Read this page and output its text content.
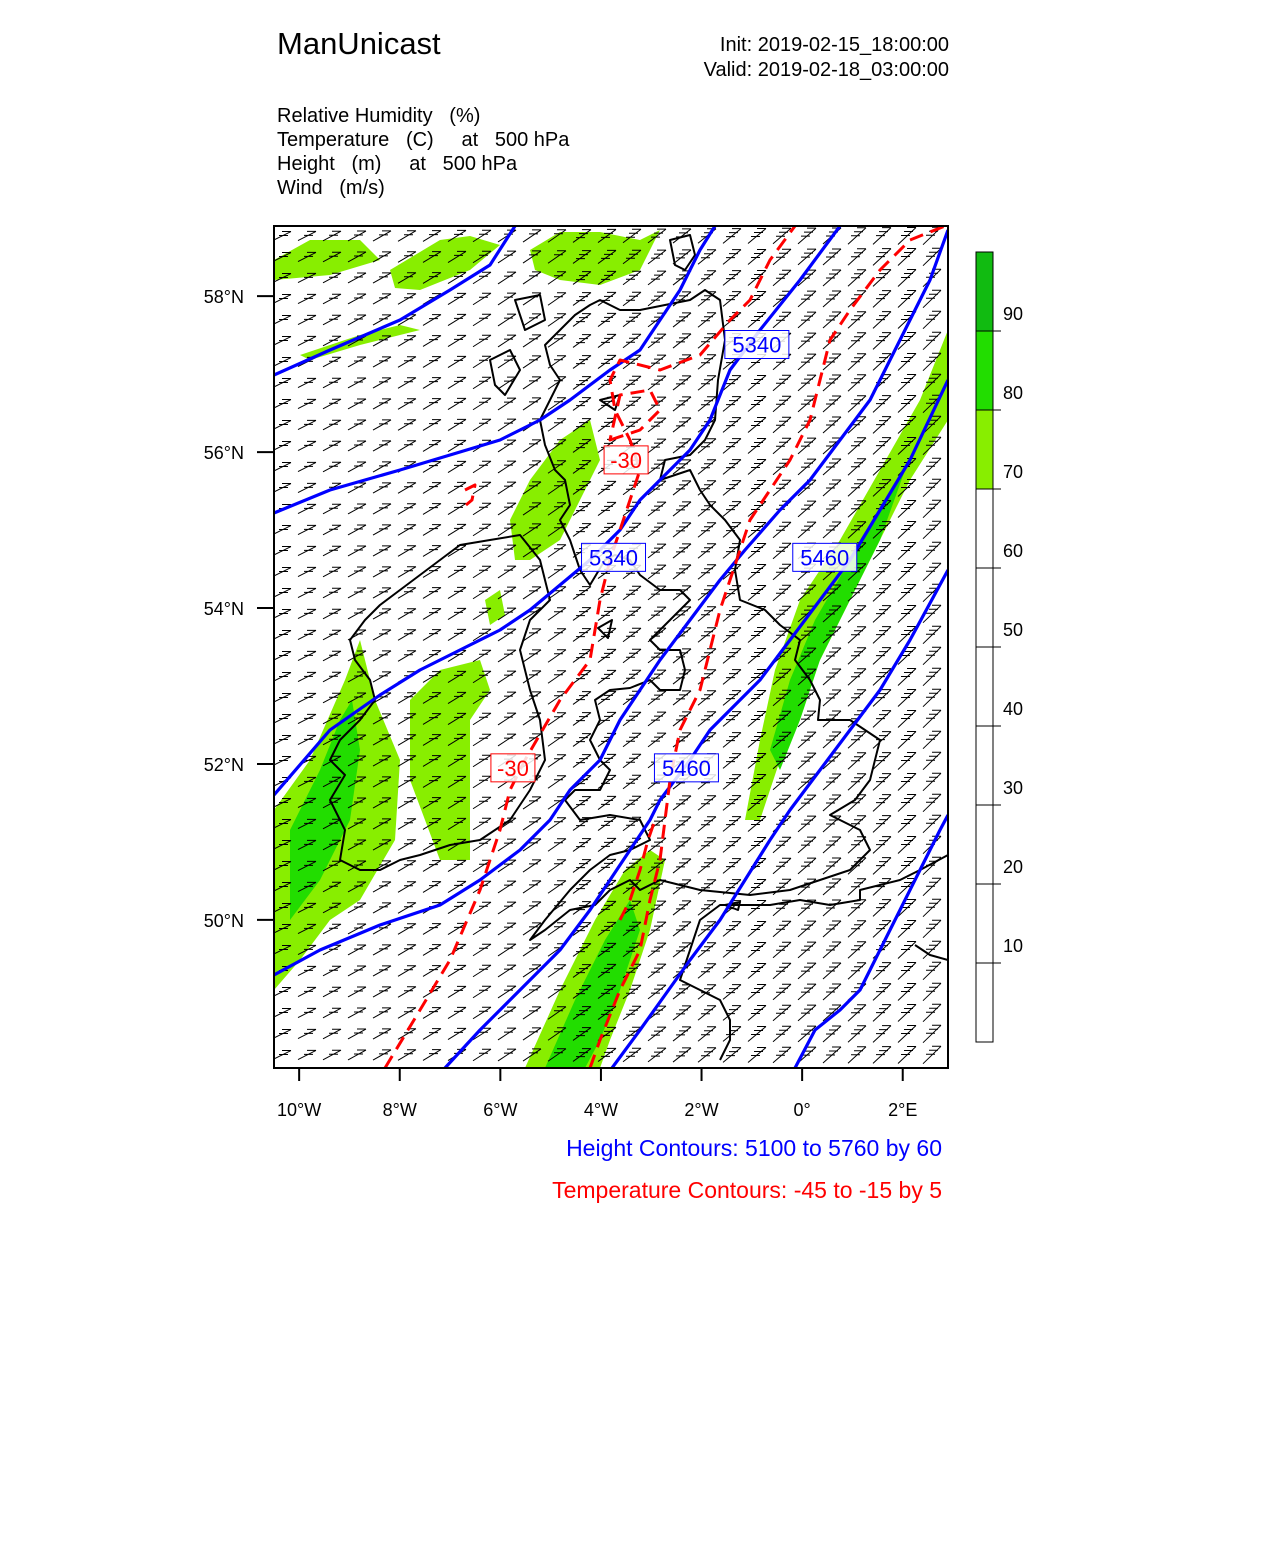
ManUnicast	Init: 2019-02-15_18:00:00
Valid: 2019-02-18_03:00:00
Relative Humidity (%)
Temperature (C) at 500 hPa
Height (m) at 500 hPa
Wind (m/s)
5340
5340
5460
5460
-30
-30
10°W	8°W	6°W	4°W	2°W	0°	2°E
58°N
56°N
54°N
52°N
50°N
90
80
70
60
50
40
30
20
10
Height Contours: 5100 to 5760 by 60
Temperature Contours: -45 to -15 by 5
